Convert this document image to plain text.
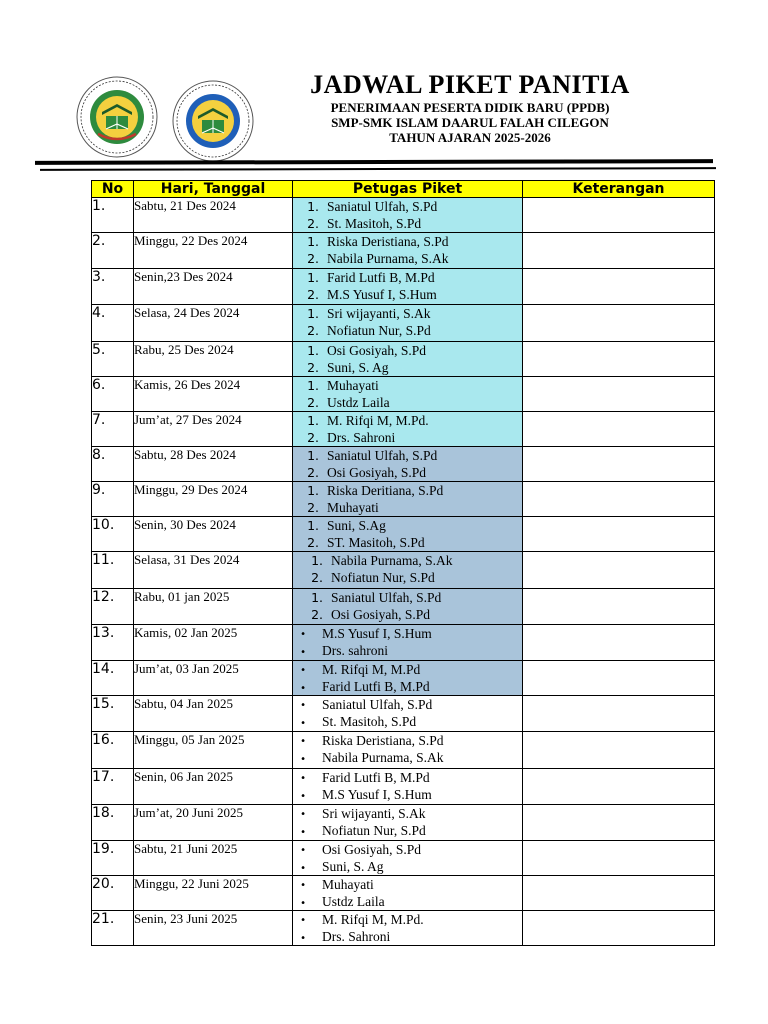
JADWAL PIKET PANITIA
PENERIMAAN PESERTA DIDIK BARU (PPDB)
SMP-SMK ISLAM DAARUL FALAH CILEGON
TAHUN AJARAN 2025-2026
No	Hari, Tanggal	Petugas Piket	Keterangan
1.	Sabtu, 21 Des 2024	1. Saniatul Ulfah, S.Pd
2. St. Masitoh, S.Pd	

2.	Minggu, 22 Des 2024	1. Riska Deristiana, S.Pd
2. Nabila Purnama, S.Ak	

3.	Senin,23 Des 2024	1. Farid Lutfi B, M.Pd
2. M.S Yusuf I, S.Hum	

4.	Selasa, 24 Des 2024	1. Sri wijayanti, S.Ak
2. Nofiatun Nur, S.Pd	

5.	Rabu, 25 Des 2024	1. Osi Gosiyah, S.Pd
2. Suni, S. Ag	

6.	Kamis, 26 Des 2024	1. Muhayati
2. Ustdz Laila	

7.	Jum’at, 27 Des 2024	1. M. Rifqi M, M.Pd.
2. Drs. Sahroni	

8.	Sabtu, 28 Des 2024	1. Saniatul Ulfah, S.Pd
2. Osi Gosiyah, S.Pd	

9.	Minggu, 29 Des 2024	1. Riska Deritiana, S.Pd
2. Muhayati	

10.	Senin, 30 Des 2024	1. Suni, S.Ag
2. ST. Masitoh, S.Pd	

11.	Selasa, 31 Des 2024	1. Nabila Purnama, S.Ak
2. Nofiatun Nur, S.Pd	

12.	Rabu, 01 jan 2025	1. Saniatul Ulfah, S.Pd
2. Osi Gosiyah, S.Pd	

13.	Kamis, 02 Jan 2025	• M.S Yusuf I, S.Hum
• Drs. sahroni	

14.	Jum’at, 03 Jan 2025	• M. Rifqi M, M.Pd
• Farid Lutfi B, M.Pd	

15.	Sabtu, 04 Jan 2025	• Saniatul Ulfah, S.Pd
• St. Masitoh, S.Pd	

16.	Minggu, 05 Jan 2025	• Riska Deristiana, S.Pd
• Nabila Purnama, S.Ak	

17.	Senin, 06 Jan 2025	• Farid Lutfi B, M.Pd
• M.S Yusuf I, S.Hum	

18.	Jum’at, 20 Juni 2025	• Sri wijayanti, S.Ak
• Nofiatun Nur, S.Pd	

19.	Sabtu, 21 Juni 2025	• Osi Gosiyah, S.Pd
• Suni, S. Ag	

20.	Minggu, 22 Juni 2025	• Muhayati
• Ustdz Laila	

21.	Senin, 23 Juni 2025	• M. Rifqi M, M.Pd.
• Drs. Sahroni	
